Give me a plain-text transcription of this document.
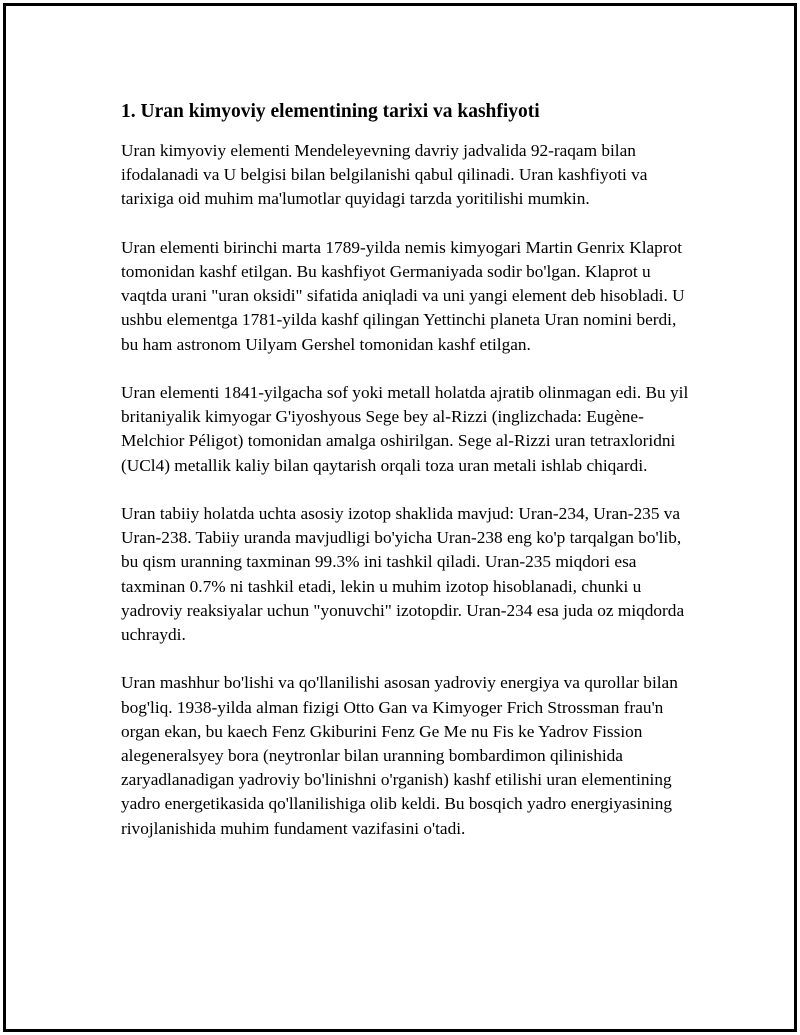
1. Uran kimyoviy elementining tarixi va kashfiyoti

Uran kimyoviy elementi Mendeleyevning davriy jadvalida 92-raqam bilan ifodalanadi va U belgisi bilan belgilanishi qabul qilinadi. Uran kashfiyoti va tarixiga oid muhim ma'lumotlar quyidagi tarzda yoritilishi mumkin.

Uran elementi birinchi marta 1789-yilda nemis kimyogari Martin Genrix Klaprot tomonidan kashf etilgan. Bu kashfiyot Germaniyada sodir bo'lgan. Klaprot u vaqtda urani "uran oksidi" sifatida aniqladi va uni yangi element deb hisobladi. U ushbu elementga 1781-yilda kashf qilingan Yettinchi planeta Uran nomini berdi, bu ham astronom Uilyam Gershel tomonidan kashf etilgan.

Uran elementi 1841-yilgacha sof yoki metall holatda ajratib olinmagan edi. Bu yil britaniyalik kimyogar G'iyoshyous Sege bey al-Rizzi (inglizchada: Eugène-Melchior Péligot) tomonidan amalga oshirilgan. Sege al-Rizzi uran tetraxloridni (UCl4) metallik kaliy bilan qaytarish orqali toza uran metali ishlab chiqardi.

Uran tabiiy holatda uchta asosiy izotop shaklida mavjud: Uran-234, Uran-235 va Uran-238. Tabiiy uranda mavjudligi bo'yicha Uran-238 eng ko'p tarqalgan bo'lib, bu qism uranning taxminan 99.3% ini tashkil qiladi. Uran-235 miqdori esa taxminan 0.7% ni tashkil etadi, lekin u muhim izotop hisoblanadi, chunki u yadroviy reaksiyalar uchun "yonuvchi" izotopdir. Uran-234 esa juda oz miqdorda uchraydi.

Uran mashhur bo'lishi va qo'llanilishi asosan yadroviy energiya va qurollar bilan bog'liq. 1938-yilda alman fizigi Otto Gan va Kimyoger Frich Strossman frau'n organ ekan, bu kaech Fenz Gkiburini Fenz Ge Me nu Fis ke Yadrov Fission alegeneralsyey bora (neytronlar bilan uranning bombardimon qilinishida zaryadlanadigan yadroviy bo'linishni o'rganish) kashf etilishi uran elementining yadro energetikasida qo'llanilishiga olib keldi. Bu bosqich yadro energiyasining rivojlanishida muhim fundament vazifasini o'tadi.
